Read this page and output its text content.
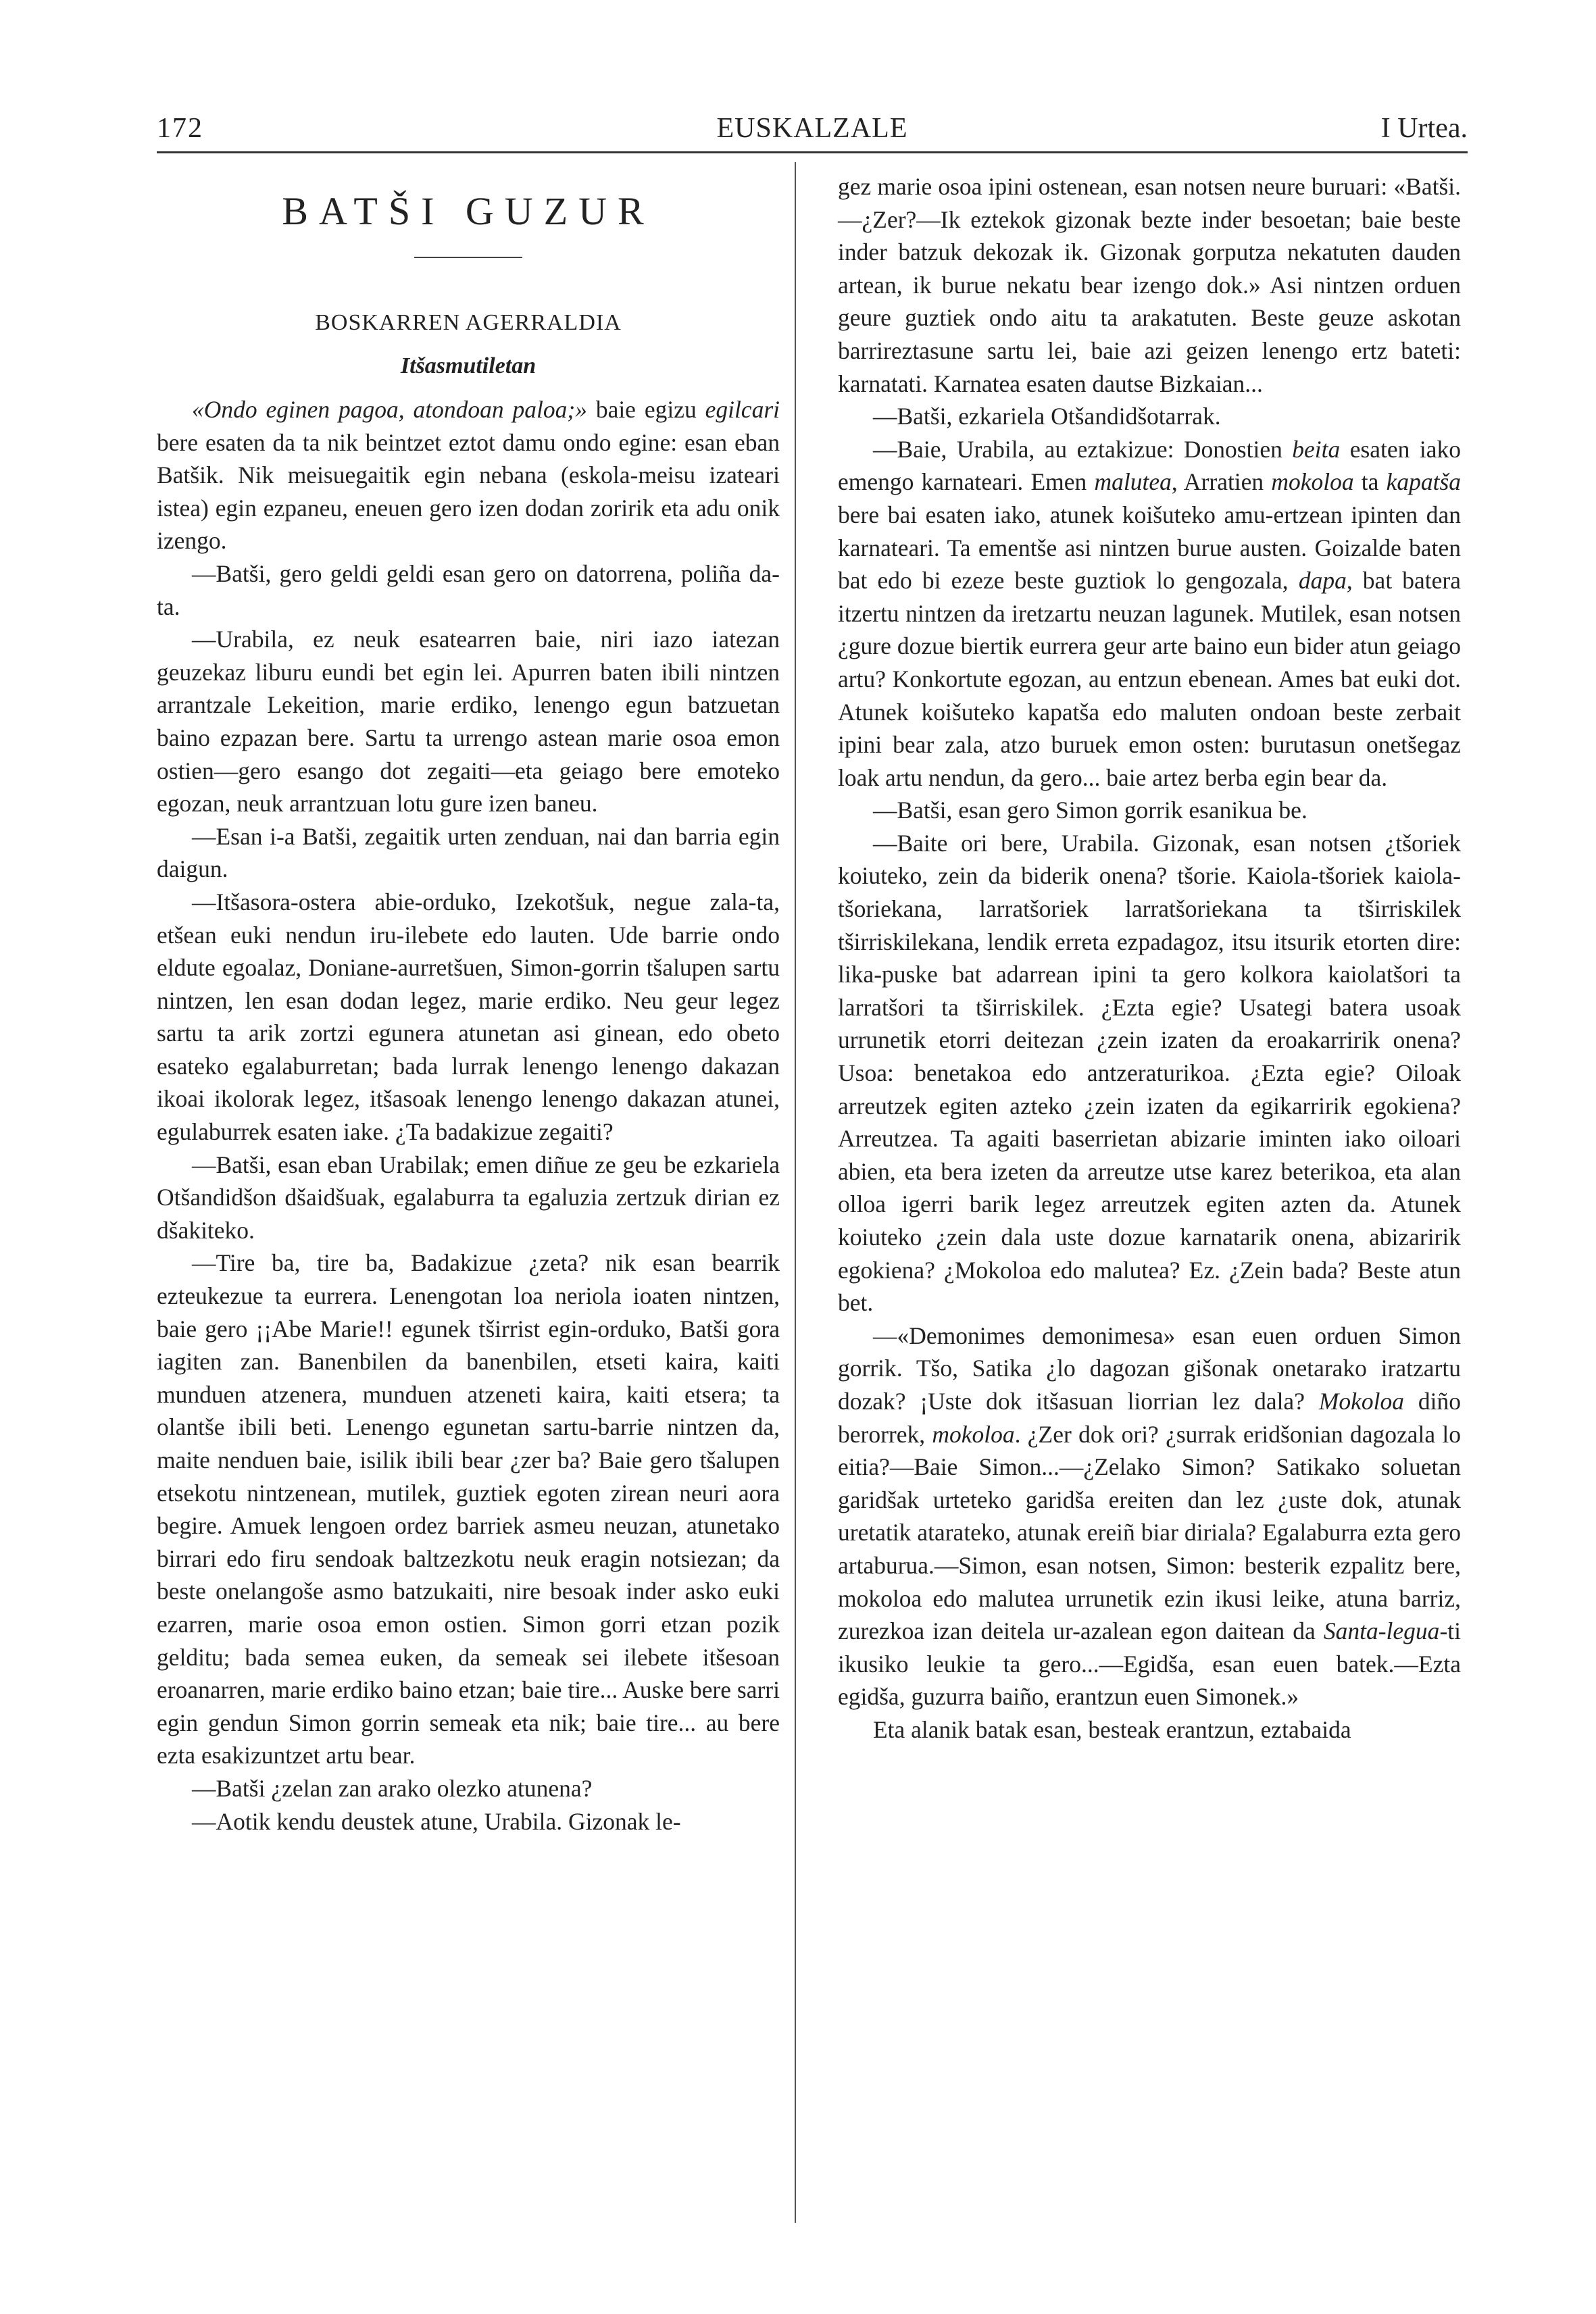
172	EUSKALZALE	I Urtea.
BATŠI GUZUR
BOSKARREN AGERRALDIA
Itšasmutiletan

«Ondo eginen pagoa, atondoan paloa;» baie egizu egilcari bere esaten da ta nik beintzet eztot damu ondo egine: esan eban Batšik. Nik meisuegaitik egin nebana (eskola-meisu izateari istea) egin ezpaneu, eneuen gero izen dodan zoririk eta adu onik izengo.

—Batši, gero geldi geldi esan gero on datorrena, poliña da-ta.

—Urabila, ez neuk esatearren baie, niri iazo iatezan geuzekaz liburu eundi bet egin lei. Apurren baten ibili nintzen arrantzale Lekeition, marie erdiko, lenengo egun batzuetan baino ezpazan bere. Sartu ta urrengo astean marie osoa emon ostien—gero esango dot zegaiti—eta geiago bere emoteko egozan, neuk arrantzuan lotu gure izen baneu.

—Esan i-a Batši, zegaitik urten zenduan, nai dan barria egin daigun.

—Itšasora-ostera abie-orduko, Izekotšuk, negue zala-ta, etšean euki nendun iru-ilebete edo lauten. Ude barrie ondo eldute egoalaz, Doniane-aurretšuen, Simon-gorrin tšalupen sartu nintzen, len esan dodan legez, marie erdiko. Neu geur legez sartu ta arik zortzi egunera atunetan asi ginean, edo obeto esateko egalaburretan; bada lurrak lenengo lenengo dakazan ikoai ikolorak legez, itšasoak lenengo lenengo dakazan atunei, egulaburrek esaten iake. ¿Ta badakizue zegaiti?

—Batši, esan eban Urabilak; emen diñue ze geu be ezkariela Otšandidšon dšaidšuak, egalaburra ta egaluzia zertzuk dirian ez dšakiteko.

—Tire ba, tire ba, Badakizue ¿zeta? nik esan bearrik ezteukezue ta eurrera. Lenengotan loa neriola ioaten nintzen, baie gero ¡¡Abe Marie!! egunek tširrist egin-orduko, Batši gora iagiten zan. Banenbilen da banenbilen, etseti kaira, kaiti munduen atzenera, munduen atzeneti kaira, kaiti etsera; ta olantše ibili beti. Lenengo egunetan sartu-barrie nintzen da, maite nenduen baie, isilik ibili bear ¿zer ba? Baie gero tšalupen etsekotu nintzenean, mutilek, guztiek egoten zirean neuri aora begire. Amuek lengoen ordez barriek asmeu neuzan, atunetako birrari edo firu sendoak baltzezkotu neuk eragin notsiezan; da beste onelangoše asmo batzukaiti, nire besoak inder asko euki ezarren, marie osoa emon ostien. Simon gorri etzan pozik gelditu; bada semea euken, da semeak sei ilebete itšesoan eroanarren, marie erdiko baino etzan; baie tire... Auske bere sarri egin gendun Simon gorrin semeak eta nik; baie tire... au bere ezta esakizuntzet artu bear.

—Batši ¿zelan zan arako olezko atunena?

—Aotik kendu deustek atune, Urabila. Gizonak le-

gez marie osoa ipini ostenean, esan notsen neure buruari: «Batši.—¿Zer?—Ik eztekok gizonak bezte inder besoetan; baie beste inder batzuk dekozak ik. Gizonak gorputza nekatuten dauden artean, ik burue nekatu bear izengo dok.» Asi nintzen orduen geure guztiek ondo aitu ta arakatuten. Beste geuze askotan barrireztasune sartu lei, baie azi geizen lenengo ertz bateti: karnatati. Karnatea esaten dautse Bizkaian...

—Batši, ezkariela Otšandidšotarrak.

—Baie, Urabila, au eztakizue: Donostien beita esaten iako emengo karnateari. Emen malutea, Arratien mokoloa ta kapatša bere bai esaten iako, atunek koišuteko amu-ertzean ipinten dan karnateari. Ta ementše asi nintzen burue austen. Goizalde baten bat edo bi ezeze beste guztiok lo gengozala, dapa, bat batera itzertu nintzen da iretzartu neuzan lagunek. Mutilek, esan notsen ¿gure dozue biertik eurrera geur arte baino eun bider atun geiago artu? Konkortute egozan, au entzun ebenean. Ames bat euki dot. Atunek koišuteko kapatša edo maluten ondoan beste zerbait ipini bear zala, atzo buruek emon osten: burutasun onetšegaz loak artu nendun, da gero... baie artez berba egin bear da.

—Batši, esan gero Simon gorrik esanikua be.

—Baite ori bere, Urabila. Gizonak, esan notsen ¿tšoriek koiuteko, zein da biderik onena? tšorie. Kaiola-tšoriek kaiola-tšoriekana, larratšoriek larratšoriekana ta tširriskilek tširriskilekana, lendik erreta ezpadagoz, itsu itsurik etorten dire: lika-puske bat adarrean ipini ta gero kolkora kaiolatšori ta larratšori ta tširriskilek. ¿Ezta egie? Usategi batera usoak urrunetik etorri deitezan ¿zein izaten da eroakarririk onena? Usoa: benetakoa edo antzeraturikoa. ¿Ezta egie? Oiloak arreutzek egiten azteko ¿zein izaten da egikarririk egokiena? Arreutzea. Ta agaiti baserrietan abizarie iminten iako oiloari abien, eta bera izeten da arreutze utse karez beterikoa, eta alan olloa igerri barik legez arreutzek egiten azten da. Atunek koiuteko ¿zein dala uste dozue karnatarik onena, abizaririk egokiena? ¿Mokoloa edo malutea? Ez. ¿Zein bada? Beste atun bet.

—«Demonimes demonimesa» esan euen orduen Simon gorrik. Tšo, Satika ¿lo dagozan gišonak onetarako iratzartu dozak? ¡Uste dok itšasuan liorrian lez dala? Mokoloa diño berorrek, mokoloa. ¿Zer dok ori? ¿surrak eridšonian dagozala lo eitia?—Baie Simon...—¿Zelako Simon? Satikako soluetan garidšak urteteko garidša ereiten dan lez ¿uste dok, atunak uretatik atarateko, atunak ereiñ biar diriala? Egalaburra ezta gero artaburua.—Simon, esan notsen, Simon: besterik ezpalitz bere, mokoloa edo malutea urrunetik ezin ikusi leike, atuna barriz, zurezkoa izan deitela ur-azalean egon daitean da Santa-legua-ti ikusiko leukie ta gero...—Egidša, esan euen batek.—Ezta egidša, guzurra baiño, erantzun euen Simonek.»

Eta alanik batak esan, besteak erantzun, eztabaida
